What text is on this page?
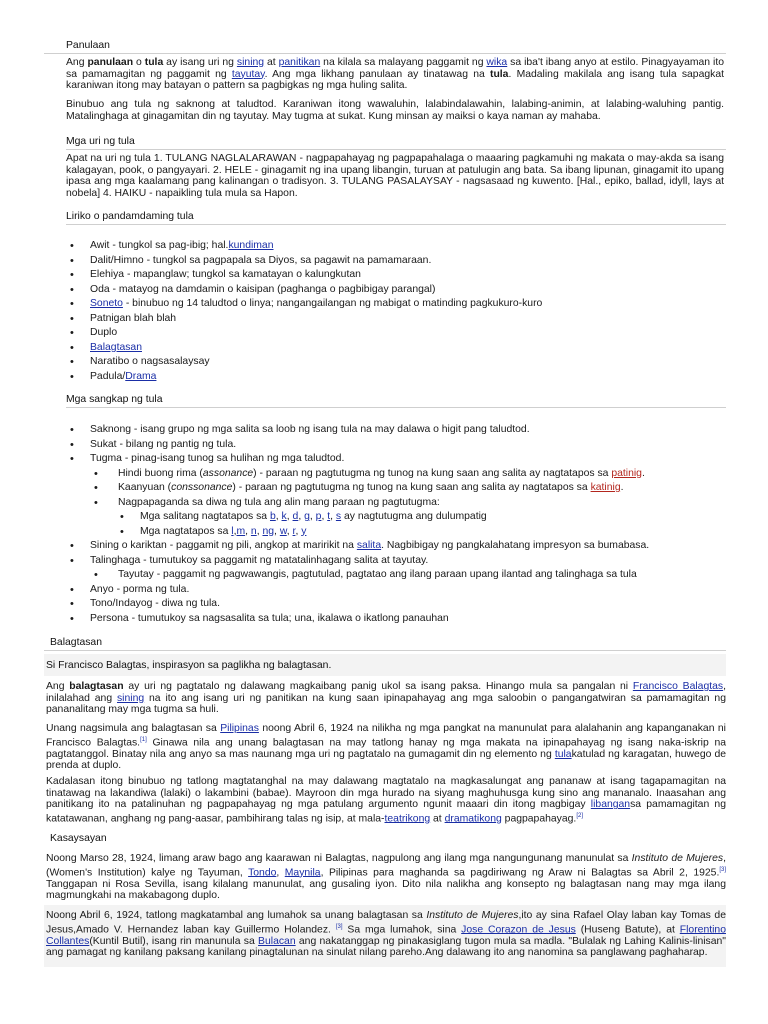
Panulaan

Ang panulaan o tula ay isang uri ng sining at panitikan na kilala sa malayang paggamit ng wika sa iba't ibang anyo at estilo. Pinagyayaman ito sa pamamagitan ng paggamit ng tayutay. Ang mga likhang panulaan ay tinatawag na tula. Madaling makilala ang isang tula sapagkat karaniwan itong may batayan o pattern sa pagbigkas ng mga huling salita.

Binubuo ang tula ng saknong at taludtod. Karaniwan itong wawaluhin, lalabindalawahin, lalabing-animin, at lalabing-waluhing pantig. Matalinghaga at ginagamitan din ng tayutay. May tugma at sukat. Kung minsan ay maiksi o kaya naman ay mahaba.

Mga uri ng tula

Apat na uri ng tula 1. TULANG NAGLALARAWAN - nagpapahayag ng pagpapahalaga o maaaring pagkamuhi ng makata o may-akda sa isang kalagayan, pook, o pangyayari. 2. HELE - ginagamit ng ina upang libangin, turuan at patulugin ang bata. Sa ibang lipunan, ginagamit ito upang ipasa ang mga kaalamang pang kalinangan o tradisyon. 3. TULANG PASALAYSAY - nagsasaad ng kuwento. [Hal., epiko, ballad, idyll, lays at nobela] 4. HAIKU - napaikling tula mula sa Hapon.

Liriko o pandamdaming tula
• Awit - tungkol sa pag-ibig; hal.kundiman
• Dalit/Himno - tungkol sa pagpapala sa Diyos, sa pagawit na pamamaraan.
• Elehiya - mapanglaw; tungkol sa kamatayan o kalungkutan
• Oda - matayog na damdamin o kaisipan (paghanga o pagbibigay parangal)
• Soneto - binubuo ng 14 taludtod o linya; nangangailangan ng mabigat o matinding pagkukuro-kuro
• Patnigan blah blah
• Duplo
• Balagtasan
• Naratibo o nagsasalaysay
• Padula/Drama
Mga sangkap ng tula
• Saknong - isang grupo ng mga salita sa loob ng isang tula na may dalawa o higit pang taludtod.
• Sukat - bilang ng pantig ng tula.
• Tugma - pinag-isang tunog sa hulihan ng mga taludtod.
• Hindi buong rima (assonance) - paraan ng pagtutugma ng tunog na kung saan ang salita ay nagtatapos sa patinig.
• Kaanyuan (conssonance) - paraan ng pagtutugma ng tunog na kung saan ang salita ay nagtatapos sa katinig.
• Nagpapaganda sa diwa ng tula ang alin mang paraan ng pagtutugma:
• Mga salitang nagtatapos sa b, k, d, g, p, t, s ay nagtutugma ang dulumpatig
• Mga nagtatapos sa l,m, n, ng, w, r, y
• Sining o kariktan - paggamit ng pili, angkop at maririkit na salita. Nagbibigay ng pangkalahatang impresyon sa bumabasa.
• Talinghaga - tumutukoy sa paggamit ng matatalinhagang salita at tayutay.
• Tayutay - paggamit ng pagwawangis, pagtutulad, pagtatao ang ilang paraan upang ilantad ang talinghaga sa tula
• Anyo - porma ng tula.
• Tono/Indayog - diwa ng tula.
• Persona - tumutukoy sa nagsasalita sa tula; una, ikalawa o ikatlong panauhan
Balagtasan
Si Francisco Balagtas, inspirasyon sa paglikha ng balagtasan.

Ang balagtasan ay uri ng pagtatalo ng dalawang magkaibang panig ukol sa isang paksa. Hinango mula sa pangalan ni Francisco Balagtas, inilalahad ang sining na ito ang isang uri ng panitikan na kung saan ipinapahayag ang mga saloobin o pangangatwiran sa pamamagitan ng pananalitang may mga tugma sa huli.

Unang nagsimula ang balagtasan sa Pilipinas noong Abril 6, 1924 na nilikha ng mga pangkat na manunulat para alalahanin ang kapanganakan ni Francisco Balagtas.[1] Ginawa nila ang unang balagtasan na may tatlong hanay ng mga makata na ipinapahayag ng isang naka-iskrip na pagtatanggol. Binatay nila ang anyo sa mas naunang mga uri ng pagtatalo na gumagamit din ng elemento ng tulakatulad ng karagatan, huwego de prenda at duplo.

Kadalasan itong binubuo ng tatlong magtatanghal na may dalawang magtatalo na magkasalungat ang pananaw at isang tagapamagitan na tinatawag na lakandiwa (lalaki) o lakambini (babae). Mayroon din mga hurado na siyang maghuhusga kung sino ang mananalo. Inaasahan ang panitikang ito na patalinuhan ng pagpapahayag ng mga patulang argumento ngunit maaari din itong magbigay libangansa pamamagitan ng katatawanan, anghang ng pang-aasar, pambihirang talas ng isip, at mala-teatrikong at dramatikong pagpapahayag.[2]

Kasaysayan

Noong Marso 28, 1924, limang araw bago ang kaarawan ni Balagtas, nagpulong ang ilang mga nangungunang manunulat sa Instituto de Mujeres,(Women's Institution) kalye ng Tayuman, Tondo, Maynila, Pilipinas para maghanda sa pagdiriwang ng Araw ni Balagtas sa Abril 2, 1925.[3] Tanggapan ni Rosa Sevilla, isang kilalang manunulat, ang gusaling iyon. Dito nila nalikha ang konsepto ng balagtasan nang may mga ilang magmungkahi na makabagong duplo.

Noong Abril 6, 1924, tatlong magkatambal ang lumahok sa unang balagtasan sa Instituto de Mujeres,ito ay sina Rafael Olay laban kay Tomas de Jesus,Amado V. Hernandez laban kay Guillermo Holandez. [3] Sa mga lumahok, sina Jose Corazon de Jesus (Huseng Batute), at Florentino Collantes(Kuntil Butil), isang rin manunula sa Bulacan ang nakatanggap ng pinakasiglang tugon mula sa madla. "Bulalak ng Lahing Kalinis-linisan" ang pamagat ng kanilang paksang kanilang pinagtalunan na sinulat nilang pareho.Ang dalawang ito ang nanomina sa panglawang paghaharap.
